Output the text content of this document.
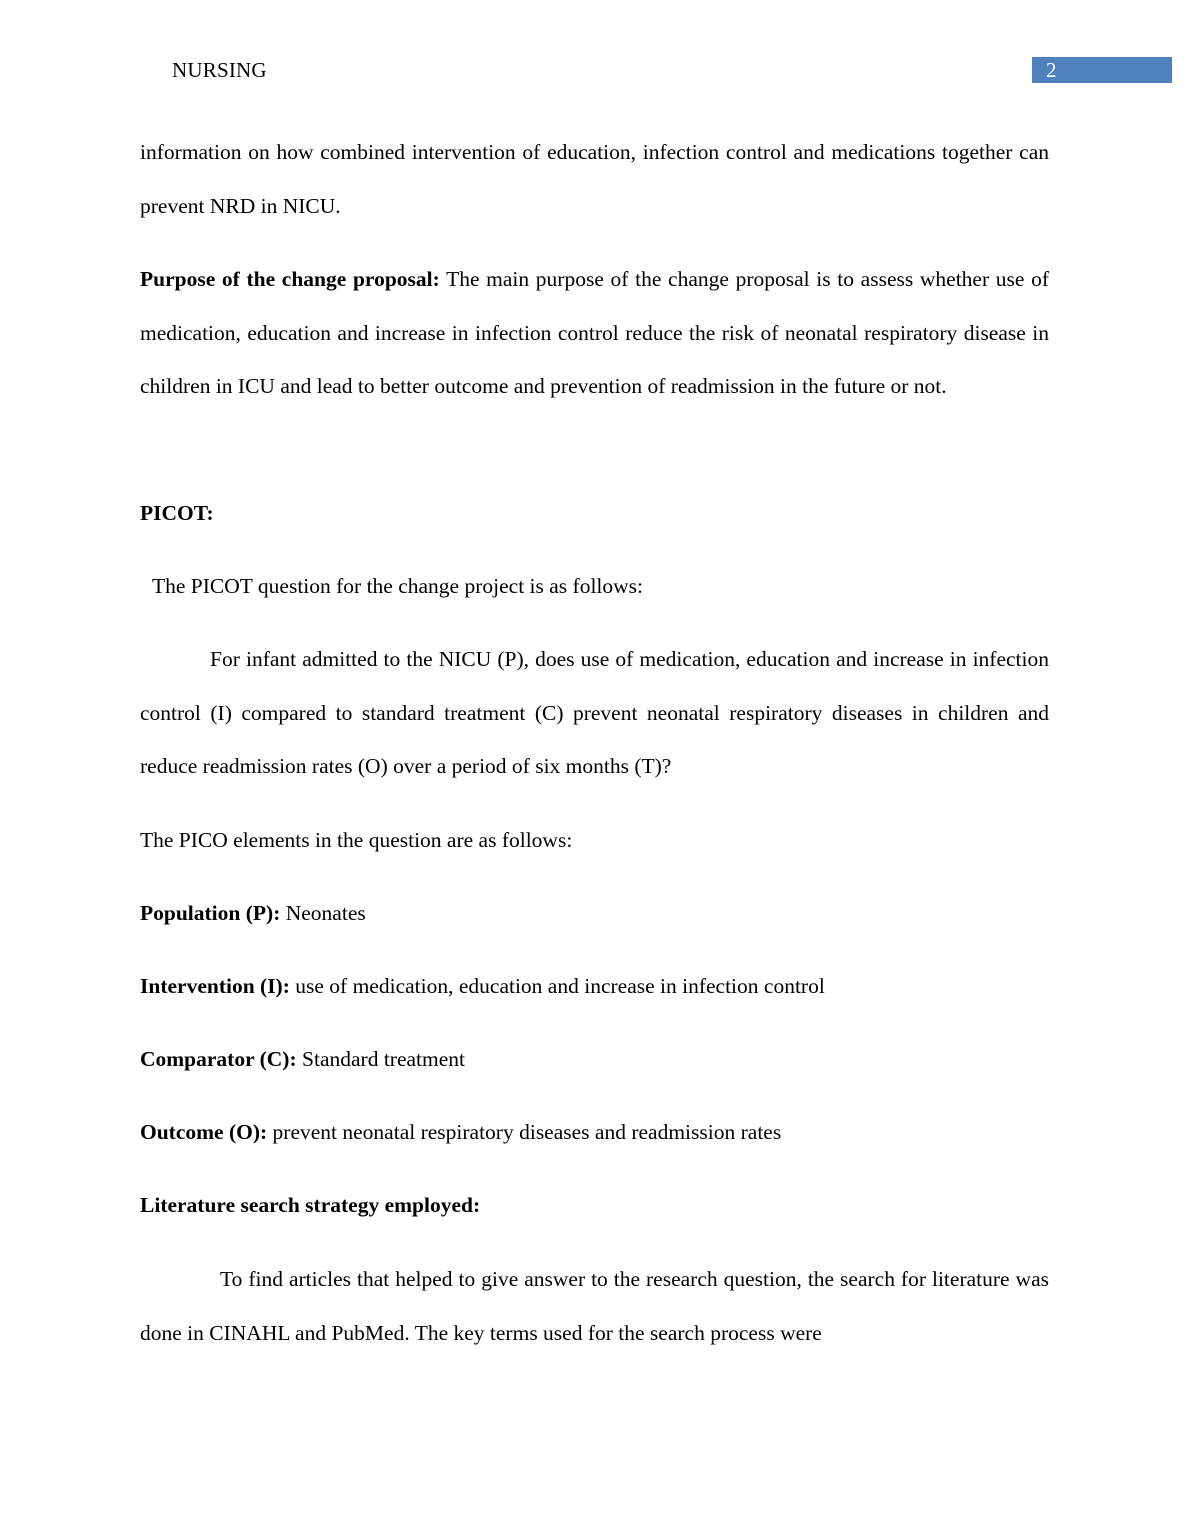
NURSING	2

information on how combined intervention of education, infection control and medications together can prevent NRD in NICU.

Purpose of the change proposal: The main purpose of the change proposal is to assess whether use of medication, education and increase in infection control reduce the risk of neonatal respiratory disease in children in ICU and lead to better outcome and prevention of readmission in the future or not.

PICOT:

The PICOT question for the change project is as follows:

For infant admitted to the NICU (P), does use of medication, education and increase in infection control (I) compared to standard treatment (C) prevent neonatal respiratory diseases in children and reduce readmission rates (O) over a period of six months (T)?

The PICO elements in the question are as follows:

Population (P): Neonates

Intervention (I): use of medication, education and increase in infection control

Comparator (C): Standard treatment

Outcome (O): prevent neonatal respiratory diseases and readmission rates

Literature search strategy employed:

To find articles that helped to give answer to the research question, the search for literature was done in CINAHL and PubMed. The key terms used for the search process were
